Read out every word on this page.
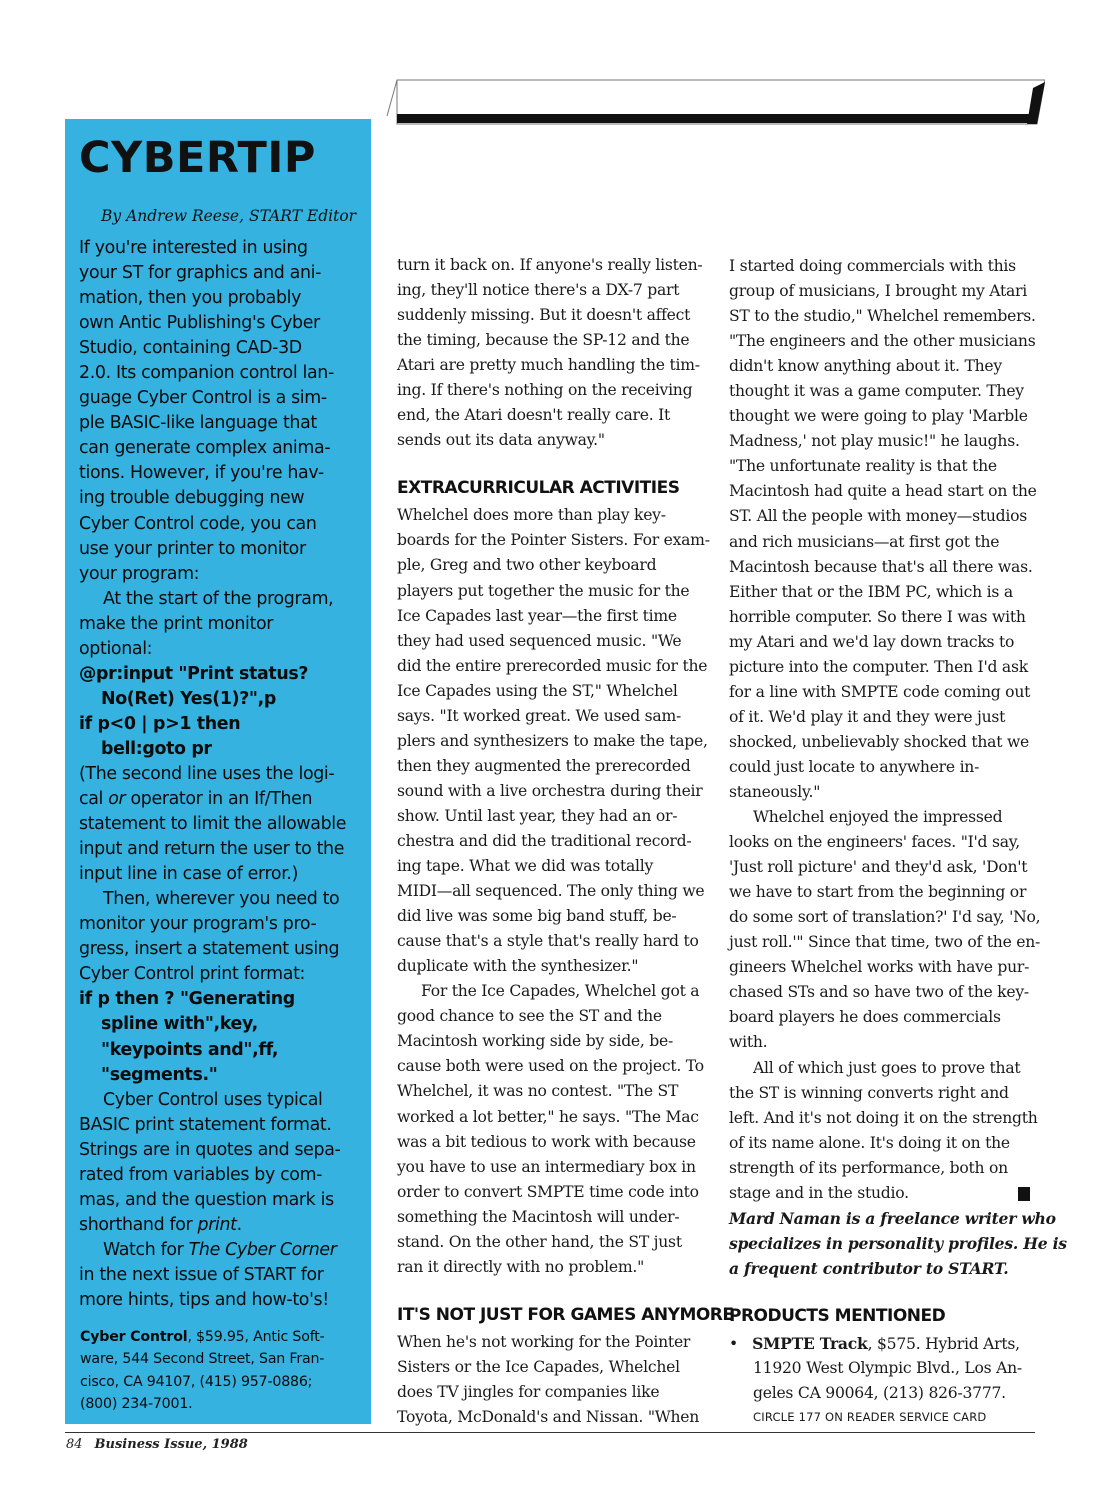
CYBERTIP

By Andrew Reese, START Editor

If you're interested in using
your ST for graphics and ani-
mation, then you probably
own Antic Publishing's Cyber
Studio, containing CAD-3D
2.0. Its companion control lan-
guage Cyber Control is a sim-
ple BASIC-like language that
can generate complex anima-
tions. However, if you're hav-
ing trouble debugging new
Cyber Control code, you can
use your printer to monitor
your program:
At the start of the program,
make the print monitor
optional:
@pr:input "Print status?
No(Ret) Yes(1)?",p
if p<0 | p>1 then
bell:goto pr
(The second line uses the logi-
cal or operator in an If/Then
statement to limit the allowable
input and return the user to the
input line in case of error.)
Then, wherever you need to
monitor your program's pro-
gress, insert a statement using
Cyber Control print format:
if p then ? "Generating
spline with",key,
"keypoints and",ff,
"segments."
Cyber Control uses typical
BASIC print statement format.
Strings are in quotes and sepa-
rated from variables by com-
mas, and the question mark is
shorthand for print.
Watch for The Cyber Corner
in the next issue of START for
more hints, tips and how-to's!
Cyber Control, $59.95, Antic Soft-
ware, 544 Second Street, San Fran-
cisco, CA 94107, (415) 957-0886;
(800) 234-7001.
turn it back on. If anyone's really listen-
ing, they'll notice there's a DX-7 part
suddenly missing. But it doesn't affect
the timing, because the SP-12 and the
Atari are pretty much handling the tim-
ing. If there's nothing on the receiving
end, the Atari doesn't really care. It
sends out its data anyway."
EXTRACURRICULAR ACTIVITIES
Whelchel does more than play key-
boards for the Pointer Sisters. For exam-
ple, Greg and two other keyboard
players put together the music for the
Ice Capades last year—the first time
they had used sequenced music. "We
did the entire prerecorded music for the
Ice Capades using the ST," Whelchel
says. "It worked great. We used sam-
plers and synthesizers to make the tape,
then they augmented the prerecorded
sound with a live orchestra during their
show. Until last year, they had an or-
chestra and did the traditional record-
ing tape. What we did was totally
MIDI—all sequenced. The only thing we
did live was some big band stuff, be-
cause that's a style that's really hard to
duplicate with the synthesizer."
For the Ice Capades, Whelchel got a
good chance to see the ST and the
Macintosh working side by side, be-
cause both were used on the project. To
Whelchel, it was no contest. "The ST
worked a lot better," he says. "The Mac
was a bit tedious to work with because
you have to use an intermediary box in
order to convert SMPTE time code into
something the Macintosh will under-
stand. On the other hand, the ST just
ran it directly with no problem."
IT'S NOT JUST FOR GAMES ANYMORE
When he's not working for the Pointer
Sisters or the Ice Capades, Whelchel
does TV jingles for companies like
Toyota, McDonald's and Nissan. "When
I started doing commercials with this
group of musicians, I brought my Atari
ST to the studio," Whelchel remembers.
"The engineers and the other musicians
didn't know anything about it. They
thought it was a game computer. They
thought we were going to play 'Marble
Madness,' not play music!" he laughs.
"The unfortunate reality is that the
Macintosh had quite a head start on the
ST. All the people with money—studios
and rich musicians—at first got the
Macintosh because that's all there was.
Either that or the IBM PC, which is a
horrible computer. So there I was with
my Atari and we'd lay down tracks to
picture into the computer. Then I'd ask
for a line with SMPTE code coming out
of it. We'd play it and they were just
shocked, unbelievably shocked that we
could just locate to anywhere in-
staneously."
Whelchel enjoyed the impressed
looks on the engineers' faces. "I'd say,
'Just roll picture' and they'd ask, 'Don't
we have to start from the beginning or
do some sort of translation?' I'd say, 'No,
just roll.'" Since that time, two of the en-
gineers Whelchel works with have pur-
chased STs and so have two of the key-
board players he does commercials
with.
All of which just goes to prove that
the ST is winning converts right and
left. And it's not doing it on the strength
of its name alone. It's doing it on the
strength of its performance, both on
stage and in the studio.
Mard Naman is a freelance writer who
specializes in personality profiles. He is
a frequent contributor to START.
PRODUCTS MENTIONED
• SMPTE Track, $575. Hybrid Arts,
11920 West Olympic Blvd., Los An-
geles CA 90064, (213) 826-3777.
CIRCLE 177 ON READER SERVICE CARD
84 Business Issue, 1988
